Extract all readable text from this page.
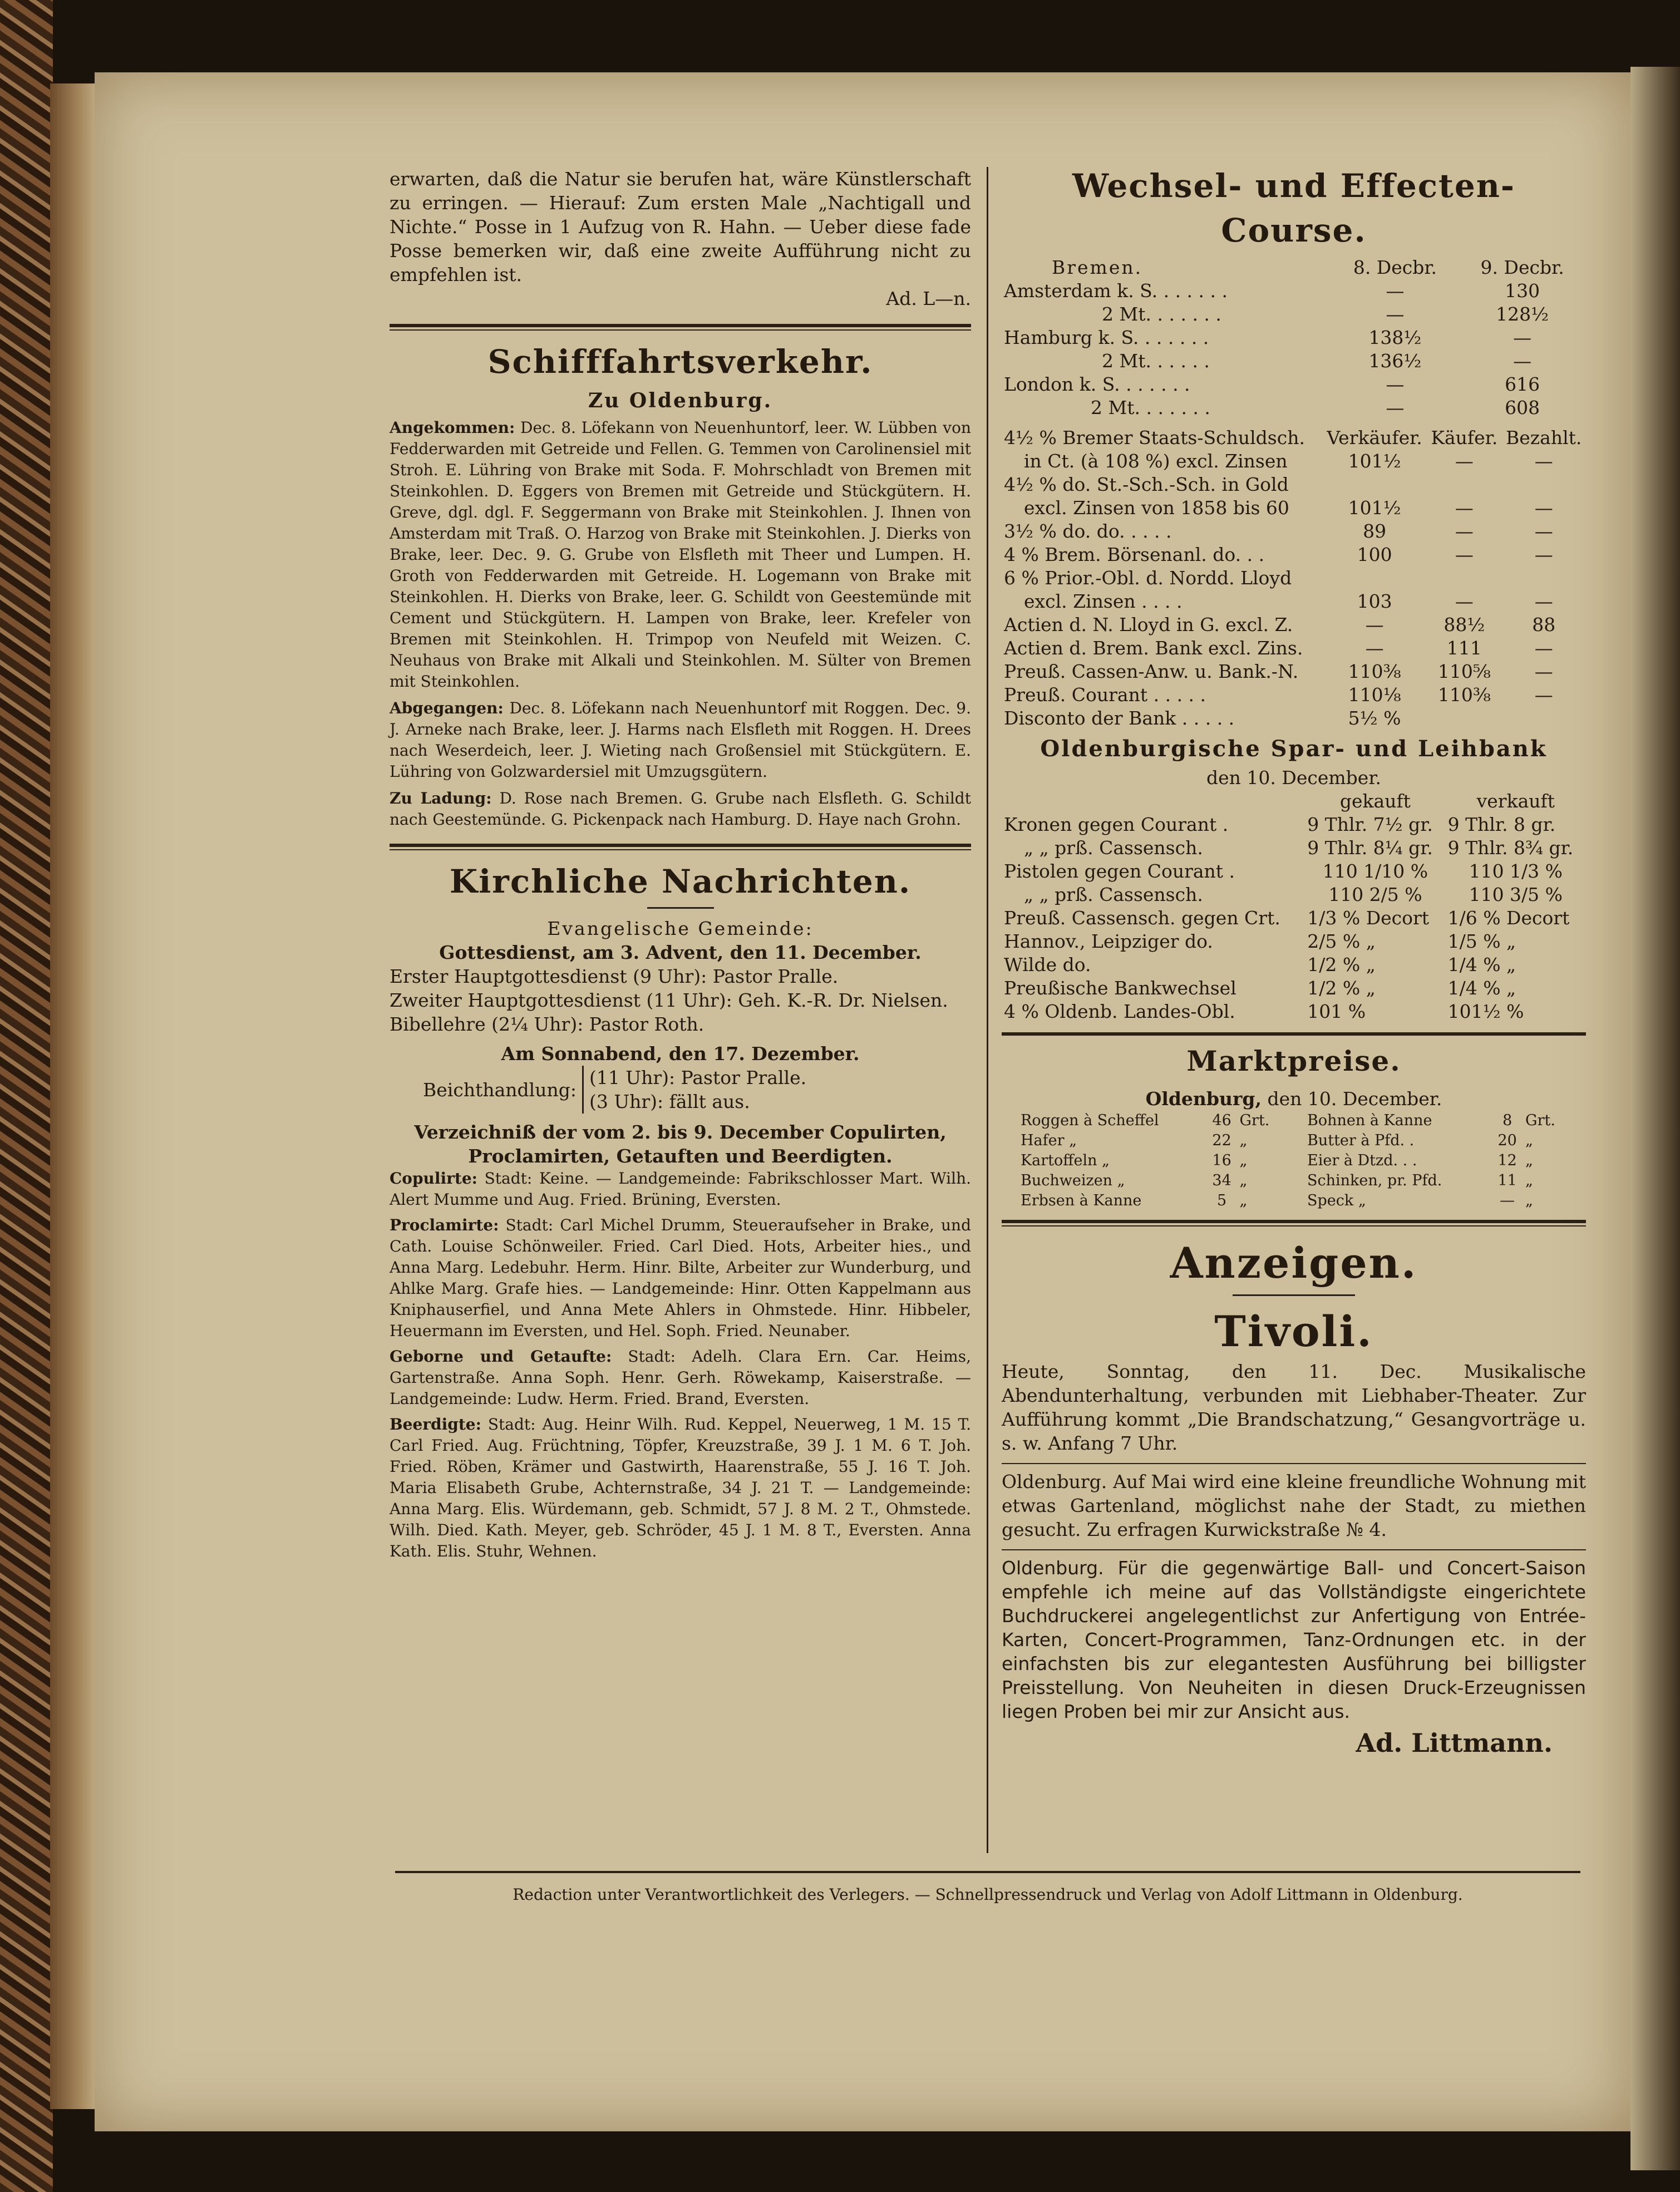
erwarten, daß die Natur sie berufen hat, wäre Künstlerschaft zu erringen. — Hierauf: Zum ersten Male „Nachtigall und Nichte.“ Posse in 1 Aufzug von R. Hahn. — Ueber diese fade Posse bemerken wir, daß eine zweite Aufführung nicht zu empfehlen ist.

Ad. L—n.
Schifffahrtsverkehr.
Zu Oldenburg.

Angekommen: Dec. 8. Löfekann von Neuenhuntorf, leer. W. Lübben von Fedderwarden mit Getreide und Fellen. G. Temmen von Carolinensiel mit Stroh. E. Lühring von Brake mit Soda. F. Mohrschladt von Bremen mit Steinkohlen. D. Eggers von Bremen mit Getreide und Stückgütern. H. Greve, dgl. dgl. F. Seggermann von Brake mit Steinkohlen. J. Ihnen von Amsterdam mit Traß. O. Harzog von Brake mit Steinkohlen. J. Dierks von Brake, leer. Dec. 9. G. Grube von Elsfleth mit Theer und Lumpen. H. Groth von Fedderwarden mit Getreide. H. Logemann von Brake mit Steinkohlen. H. Dierks von Brake, leer. G. Schildt von Geestemünde mit Cement und Stückgütern. H. Lampen von Brake, leer. Krefeler von Bremen mit Steinkohlen. H. Trimpop von Neufeld mit Weizen. C. Neuhaus von Brake mit Alkali und Steinkohlen. M. Sülter von Bremen mit Steinkohlen.

Abgegangen: Dec. 8. Löfekann nach Neuenhuntorf mit Roggen. Dec. 9. J. Arneke nach Brake, leer. J. Harms nach Elsfleth mit Roggen. H. Drees nach Weserdeich, leer. J. Wieting nach Großensiel mit Stückgütern. E. Lühring von Golzwardersiel mit Umzugsgütern.

Zu Ladung: D. Rose nach Bremen. G. Grube nach Elsfleth. G. Schildt nach Geestemünde. G. Pickenpack nach Hamburg. D. Haye nach Grohn.

Kirchliche Nachrichten.
Evangelische Gemeinde:
Gottesdienst, am 3. Advent, den 11. December.
Erster Hauptgottesdienst (9 Uhr): Pastor Pralle.
Zweiter Hauptgottesdienst (11 Uhr): Geh. K.-R. Dr. Nielsen.
Bibellehre (2¼ Uhr): Pastor Roth.
Am Sonnabend, den 17. Dezember.
Beichthandlung:
(11 Uhr): Pastor Pralle.
(3 Uhr): fällt aus.
Verzeichniß der vom 2. bis 9. December Copulirten, Proclamirten, Getauften und Beerdigten.

Copulirte: Stadt: Keine. — Landgemeinde: Fabrikschlosser Mart. Wilh. Alert Mumme und Aug. Fried. Brüning, Eversten.

Proclamirte: Stadt: Carl Michel Drumm, Steueraufseher in Brake, und Cath. Louise Schönweiler. Fried. Carl Died. Hots, Arbeiter hies., und Anna Marg. Ledebuhr. Herm. Hinr. Bilte, Arbeiter zur Wunderburg, und Ahlke Marg. Grafe hies. — Landgemeinde: Hinr. Otten Kappelmann aus Kniphauserfiel, und Anna Mete Ahlers in Ohmstede. Hinr. Hibbeler, Heuermann im Eversten, und Hel. Soph. Fried. Neunaber.

Geborne und Getaufte: Stadt: Adelh. Clara Ern. Car. Heims, Gartenstraße. Anna Soph. Henr. Gerh. Röwekamp, Kaiserstraße. — Landgemeinde: Ludw. Herm. Fried. Brand, Eversten.

Beerdigte: Stadt: Aug. Heinr Wilh. Rud. Keppel, Neuerweg, 1 M. 15 T. Carl Fried. Aug. Früchtning, Töpfer, Kreuzstraße, 39 J. 1 M. 6 T. Joh. Fried. Röben, Krämer und Gastwirth, Haarenstraße, 55 J. 16 T. Joh. Maria Elisabeth Grube, Achternstraße, 34 J. 21 T. — Landgemeinde: Anna Marg. Elis. Würdemann, geb. Schmidt, 57 J. 8 M. 2 T., Ohmstede. Wilh. Died. Kath. Meyer, geb. Schröder, 45 J. 1 M. 8 T., Eversten. Anna Kath. Elis. Stuhr, Wehnen.

Wechsel- und Effecten-Course.
Bremen.	8. Decbr.	9. Decbr.
Amsterdam k. S. . . . . . .	—	130
2 Mt. . . . . . .	—	128½
Hamburg k. S. . . . . . .	138½	—
2 Mt. . . . . .	136½	—
London k. S. . . . . . .	—	616
2 Mt. . . . . . .	—	608
4½ % Bremer Staats-Schuldsch.	Verkäufer.	Käufer.	Bezahlt.
in Ct. (à 108 %) excl. Zinsen	101½	—	—
4½ % do. St.-Sch.-Sch. in Gold			
excl. Zinsen von 1858 bis 60	101½	—	—
3½ % do. do. . . . .	89	—	—
4 % Brem. Börsenanl. do. . .	100	—	—
6 % Prior.-Obl. d. Nordd. Lloyd			
excl. Zinsen . . . .	103	—	—
Actien d. N. Lloyd in G. excl. Z.	—	88½	88
Actien d. Brem. Bank excl. Zins.	—	111	—
Preuß. Cassen-Anw. u. Bank.-N.	110⅜	110⅝	—
Preuß. Courant . . . . .	110⅛	110⅜	—
Disconto der Bank . . . . .	5½ %		
Oldenburgische Spar- und Leihbank
den 10. December.
	gekauft	verkauft
Kronen gegen Courant .	9 Thlr. 7½ gr.	9 Thlr. 8 gr.
„ „ prß. Cassensch.	9 Thlr. 8¼ gr.	9 Thlr. 8¾ gr.
Pistolen gegen Courant .	110 1/10 %	110 1/3 %
„ „ prß. Cassensch.	110 2/5 %	110 3/5 %
Preuß. Cassensch. gegen Crt.	1/3 % Decort	1/6 % Decort
Hannov., Leipziger do.	2/5 % „	1/5 % „
Wilde do.	1/2 % „	1/4 % „
Preußische Bankwechsel	1/2 % „	1/4 % „
4 % Oldenb. Landes-Obl.	101 %	101½ %
Marktpreise.
Oldenburg, den 10. December.
Roggen à Scheffel	46	Grt.
Hafer „	22	„
Kartoffeln „	16	„
Buchweizen „	34	„
Erbsen à Kanne	5	„
Bohnen à Kanne	8	Grt.
Butter à Pfd. .	20	„
Eier à Dtzd. . .	12	„
Schinken, pr. Pfd.	11	„
Speck „	—	„
Anzeigen.
Tivoli.

Heute, Sonntag, den 11. Dec. Musikalische Abendunterhaltung, verbunden mit Liebhaber-Theater. Zur Aufführung kommt „Die Brandschatzung,“ Gesangvorträge u. s. w. Anfang 7 Uhr.

Oldenburg. Auf Mai wird eine kleine freundliche Wohnung mit etwas Gartenland, möglichst nahe der Stadt, zu miethen gesucht. Zu erfragen Kurwickstraße № 4.

Oldenburg. Für die gegenwärtige Ball- und Concert-Saison empfehle ich meine auf das Vollständigste eingerichtete Buchdruckerei angelegentlichst zur Anfertigung von Entrée-Karten, Concert-Programmen, Tanz-Ordnungen etc. in der einfachsten bis zur elegantesten Ausführung bei billigster Preisstellung. Von Neuheiten in diesen Druck-Erzeugnissen liegen Proben bei mir zur Ansicht aus.

Ad. Littmann.
Redaction unter Verantwortlichkeit des Verlegers. — Schnellpressendruck und Verlag von Adolf Littmann in Oldenburg.
